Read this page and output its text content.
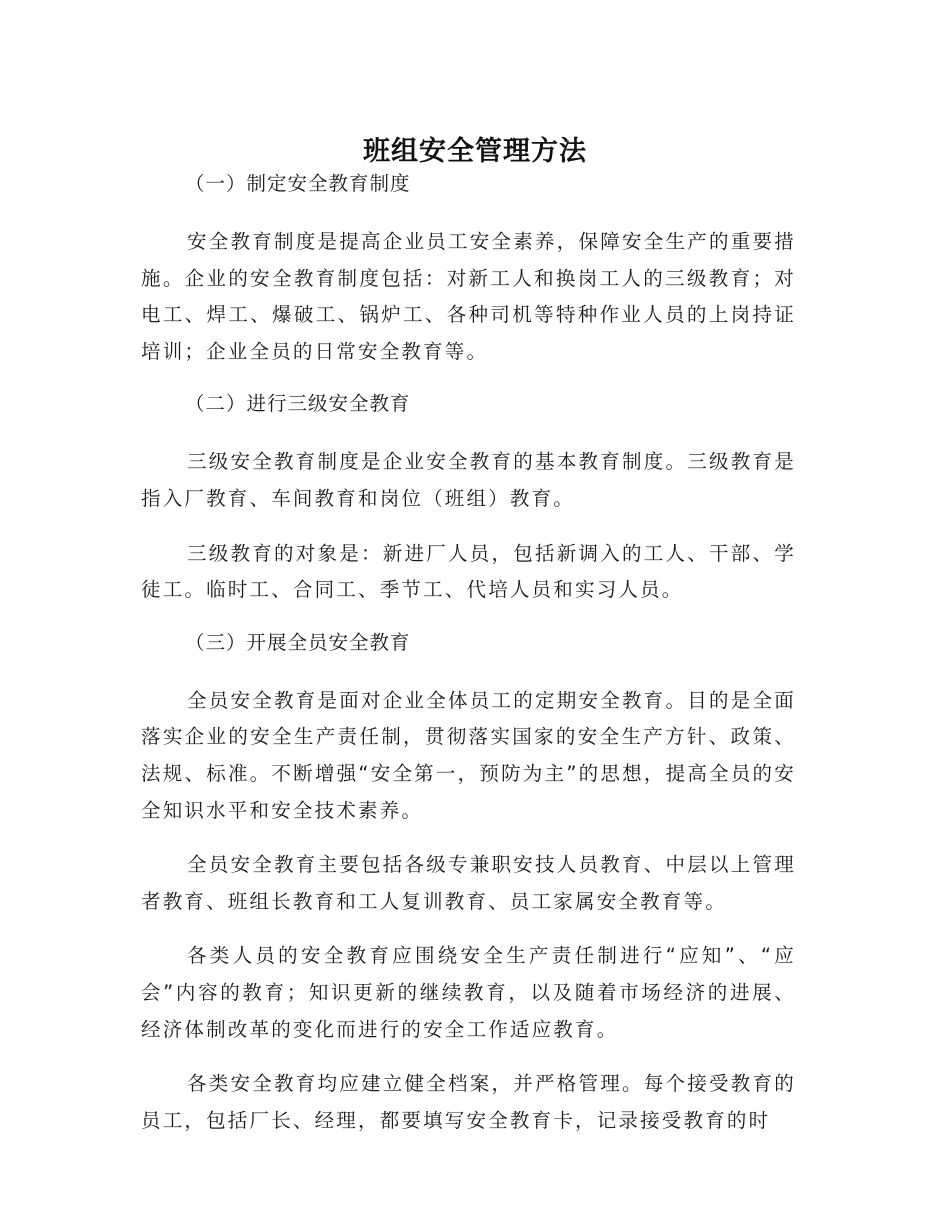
班组安全管理方法

（一）制定安全教育制度

安全教育制度是提高企业员工安全素养，保障安全生产的重要措施。企业的安全教育制度包括：对新工人和换岗工人的三级教育；对电工、焊工、爆破工、锅炉工、各种司机等特种作业人员的上岗持证培训；企业全员的日常安全教育等。

（二）进行三级安全教育

三级安全教育制度是企业安全教育的基本教育制度。三级教育是指入厂教育、车间教育和岗位（班组）教育。

三级教育的对象是：新进厂人员，包括新调入的工人、干部、学徒工。临时工、合同工、季节工、代培人员和实习人员。

（三）开展全员安全教育

全员安全教育是面对企业全体员工的定期安全教育。目的是全面落实企业的安全生产责任制，贯彻落实国家的安全生产方针、政策、法规、标准。不断增强“安全第一，预防为主”的思想，提高全员的安全知识水平和安全技术素养。

全员安全教育主要包括各级专兼职安技人员教育、中层以上管理者教育、班组长教育和工人复训教育、员工家属安全教育等。

各类人员的安全教育应围绕安全生产责任制进行“应知”、“应会”内容的教育；知识更新的继续教育，以及随着市场经济的进展、经济体制改革的变化而进行的安全工作适应教育。

各类安全教育均应建立健全档案，并严格管理。每个接受教育的员工，包括厂长、经理，都要填写安全教育卡，记录接受教育的时
